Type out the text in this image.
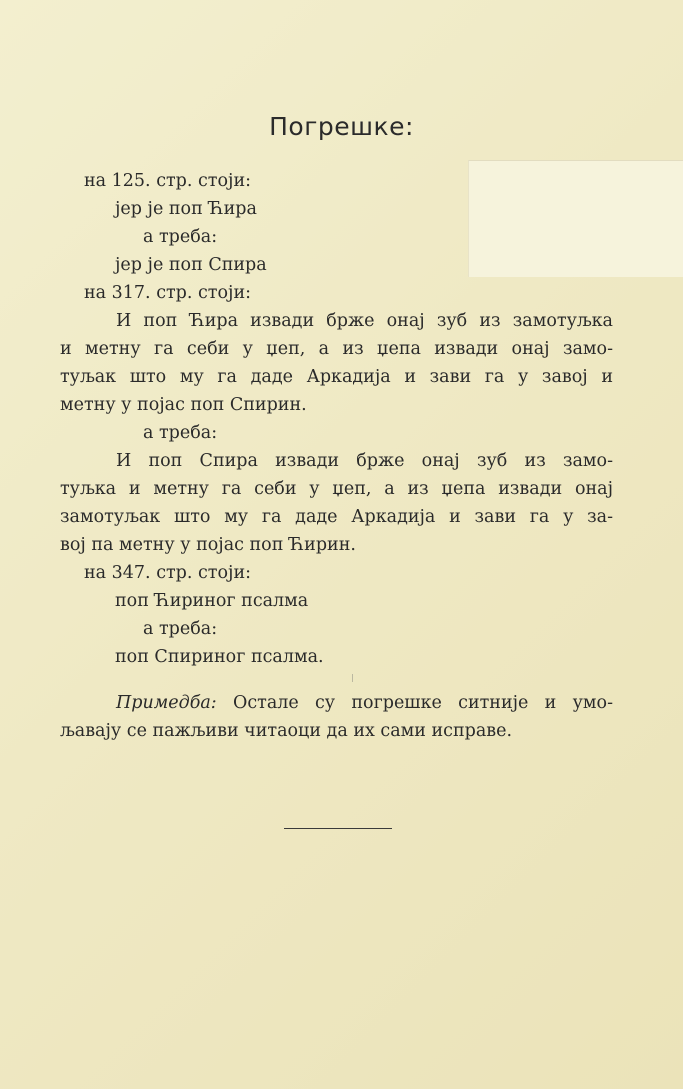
Погрешке:
на 125. стр. стоји:
јер је поп Ћира
а треба:
јер је поп Спира
на 317. стр. стоји:
И поп Ћира извади брже онај зуб из замотуљка
и метну га себи у џеп, а из џепа извади онај замо-
туљак што му га даде Аркадија и зави га у завој и
метну у појас поп Спирин.
а треба:
И поп Спира извади брже онај зуб из замо-
туљка и метну га себи у џеп, а из џепа извади онај
замотуљак што му га даде Аркадија и зави га у за-
вој па метну у појас поп Ћирин.
на 347. стр. стоји:
поп Ћириног псалма
а треба:
поп Спириног псалма.
Примедба: Остале су погрешке ситније и умо-
љавају се пажљиви читаоци да их сами исправе.
